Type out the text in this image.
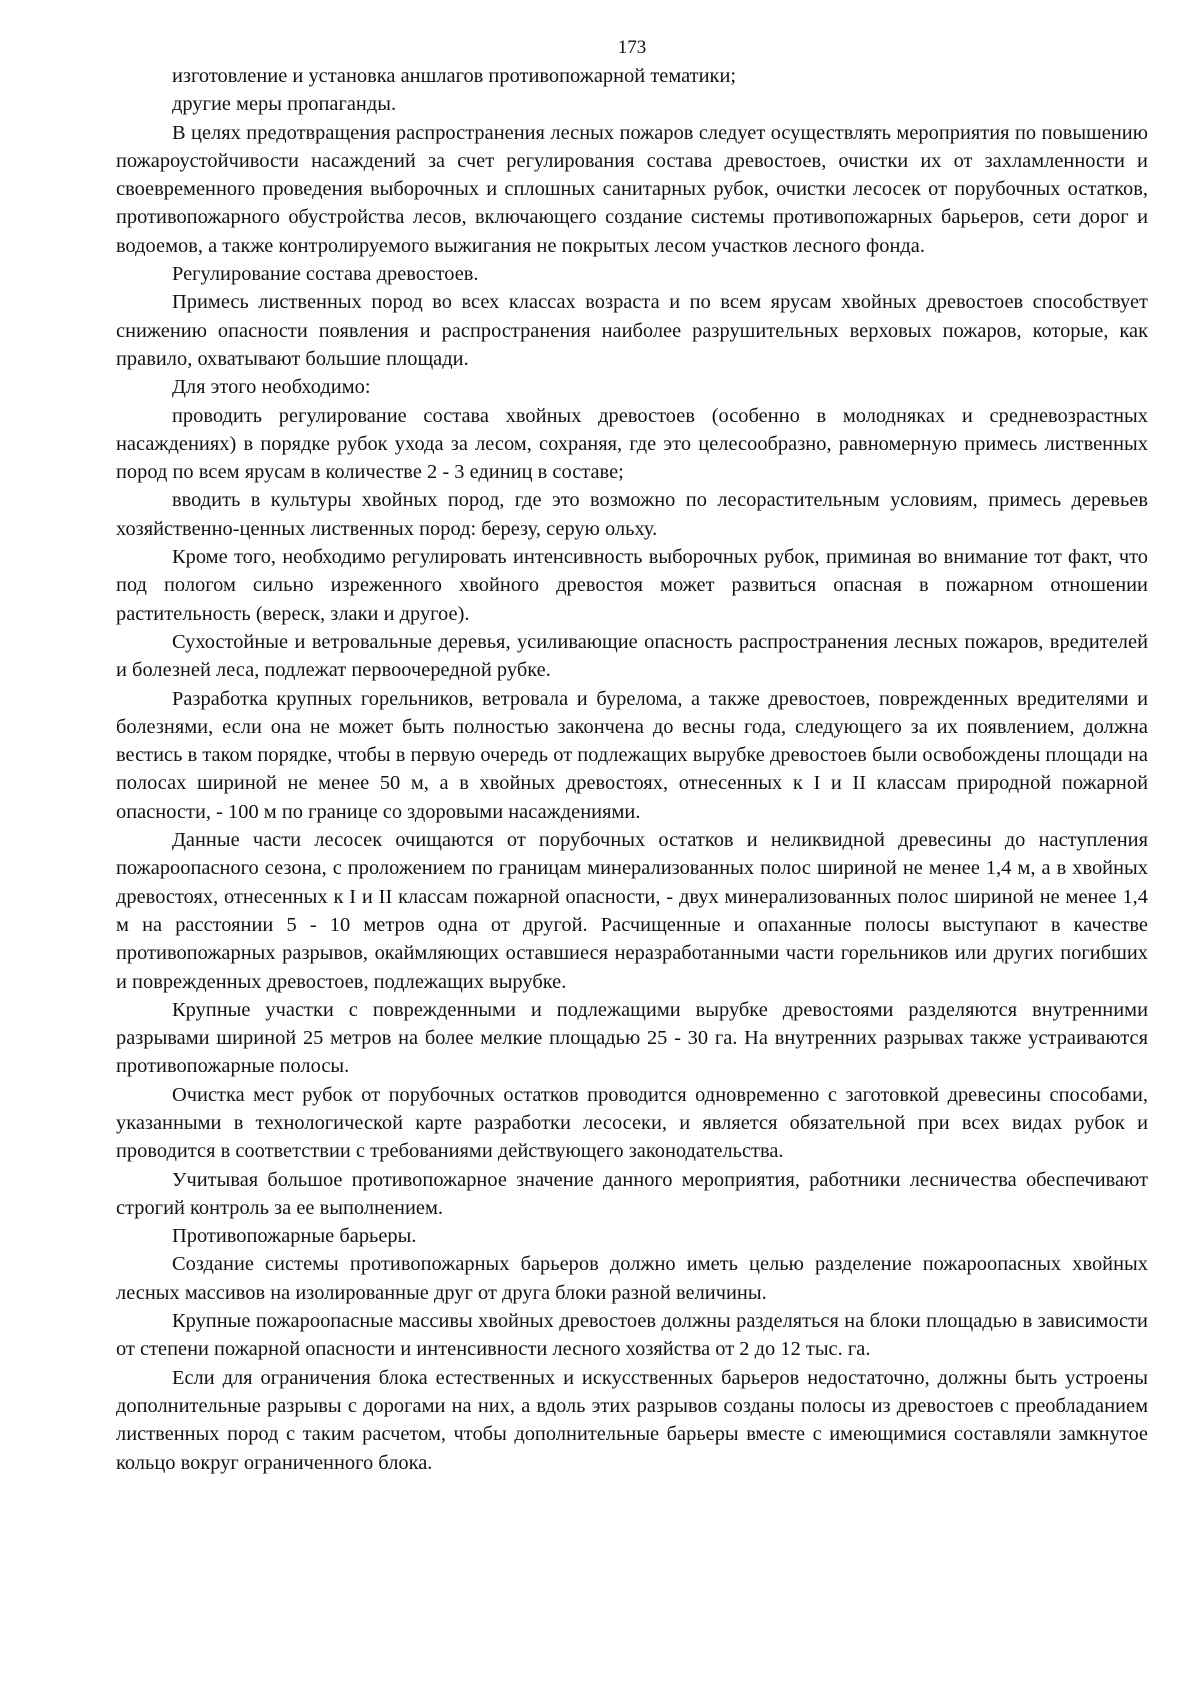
173

изготовление и установка аншлагов противопожарной тематики;

другие меры пропаганды.

В целях предотвращения распространения лесных пожаров следует осуществлять мероприятия по повышению пожароустойчивости насаждений за счет регулирования состава древостоев, очистки их от захламленности и своевременного проведения выборочных и сплошных санитарных рубок, очистки лесосек от порубочных остатков, противопожарного обустройства лесов, включающего создание системы противопожарных барьеров, сети дорог и водоемов, а также контролируемого выжигания не покрытых лесом участков лесного фонда.

Регулирование состава древостоев.

Примесь лиственных пород во всех классах возраста и по всем ярусам хвойных древостоев способствует снижению опасности появления и распространения наиболее разрушительных верховых пожаров, которые, как правило, охватывают большие площади.

Для этого необходимо:

проводить регулирование состава хвойных древостоев (особенно в молодняках и средневозрастных насаждениях) в порядке рубок ухода за лесом, сохраняя, где это целесообразно, равномерную примесь лиственных пород по всем ярусам в количестве 2 - 3 единиц в составе;

вводить в культуры хвойных пород, где это возможно по лесорастительным условиям, примесь деревьев хозяйственно-ценных лиственных пород: березу, серую ольху.

Кроме того, необходимо регулировать интенсивность выборочных рубок, приминая во внимание тот факт, что под пологом сильно изреженного хвойного древостоя может развиться опасная в пожарном отношении растительность (вереск, злаки и другое).

Сухостойные и ветровальные деревья, усиливающие опасность распространения лесных пожаров, вредителей и болезней леса, подлежат первоочередной рубке.

Разработка крупных горельников, ветровала и бурелома, а также древостоев, поврежденных вредителями и болезнями, если она не может быть полностью закончена до весны года, следующего за их появлением, должна вестись в таком порядке, чтобы в первую очередь от подлежащих вырубке древостоев были освобождены площади на полосах шириной не менее 50 м, а в хвойных древостоях, отнесенных к I и II классам природной пожарной опасности, - 100 м по границе со здоровыми насаждениями.

Данные части лесосек очищаются от порубочных остатков и неликвидной древесины до наступления пожароопасного сезона, с проложением по границам минерализованных полос шириной не менее 1,4 м, а в хвойных древостоях, отнесенных к I и II классам пожарной опасности, - двух минерализованных полос шириной не менее 1,4 м на расстоянии 5 - 10 метров одна от другой. Расчищенные и опаханные полосы выступают в качестве противопожарных разрывов, окаймляющих оставшиеся неразработанными части горельников или других погибших и поврежденных древостоев, подлежащих вырубке.

Крупные участки с поврежденными и подлежащими вырубке древостоями разделяются внутренними разрывами шириной 25 метров на более мелкие площадью 25 - 30 га. На внутренних разрывах также устраиваются противопожарные полосы.

Очистка мест рубок от порубочных остатков проводится одновременно с заготовкой древесины способами, указанными в технологической карте разработки лесосеки, и является обязательной при всех видах рубок и проводится в соответствии с требованиями действующего законодательства.

Учитывая большое противопожарное значение данного мероприятия, работники лесничества обеспечивают строгий контроль за ее выполнением.

Противопожарные барьеры.

Создание системы противопожарных барьеров должно иметь целью разделение пожароопасных хвойных лесных массивов на изолированные друг от друга блоки разной величины.

Крупные пожароопасные массивы хвойных древостоев должны разделяться на блоки площадью в зависимости от степени пожарной опасности и интенсивности лесного хозяйства от 2 до 12 тыс. га.

Если для ограничения блока естественных и искусственных барьеров недостаточно, должны быть устроены дополнительные разрывы с дорогами на них, а вдоль этих разрывов созданы полосы из древостоев с преобладанием лиственных пород с таким расчетом, чтобы дополнительные барьеры вместе с имеющимися составляли замкнутое кольцо вокруг ограниченного блока.
